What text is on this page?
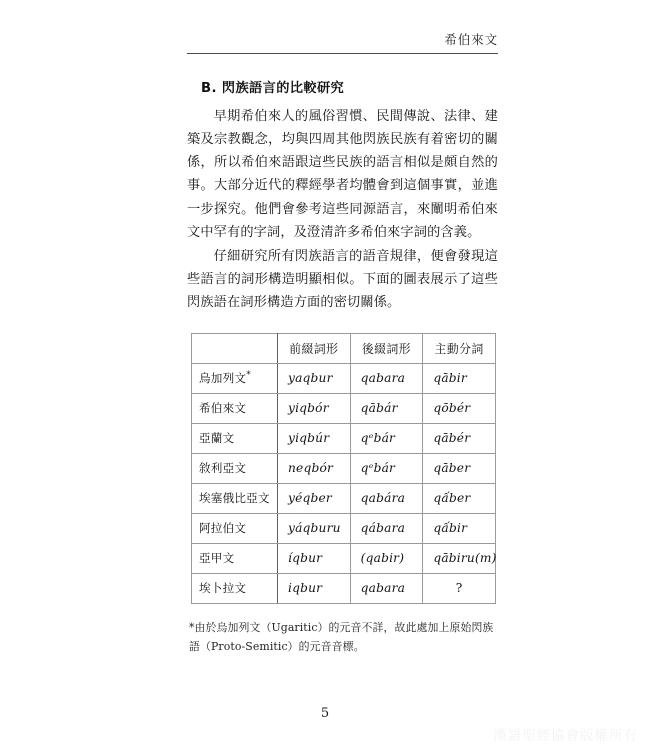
希伯來文
B. 閃族語言的比較研究

早期希伯來人的風俗習慣、民間傳說、法律、建築及宗教觀念，均與四周其他閃族民族有着密切的關係，所以希伯來語跟這些民族的語言相似是頗自然的事。大部分近代的釋經學者均體會到這個事實，並進一步探究。他們會參考這些同源語言，來闡明希伯來文中罕有的字詞，及澄清許多希伯來字詞的含義。

仔細研究所有閃族語言的語音規律，便會發現這些語言的詞形構造明顯相似。下面的圖表展示了這些閃族語在詞形構造方面的密切關係。

	前綴詞形	後綴詞形	主動分詞
烏加列文*	yaqbur	qabara	qābir
希伯來文	yiqbór	qābár	qōbér
亞蘭文	yiqbúr	qᵉbár	qābér
敘利亞文	neqbór	qᵉbár	qāber
埃塞俄比亞文	yéqber	qabára	qấber
阿拉伯文	yáqburu	qábara	qấbir
亞甲文	íqbur	(qabir)	qābiru(m)
埃卜拉文	iqbur	qabara	?
*由於烏加列文（Ugaritic）的元音不詳，故此處加上原始閃族語（Proto-Semitic）的元音音標。
5
漢語聖經協會版權所有
